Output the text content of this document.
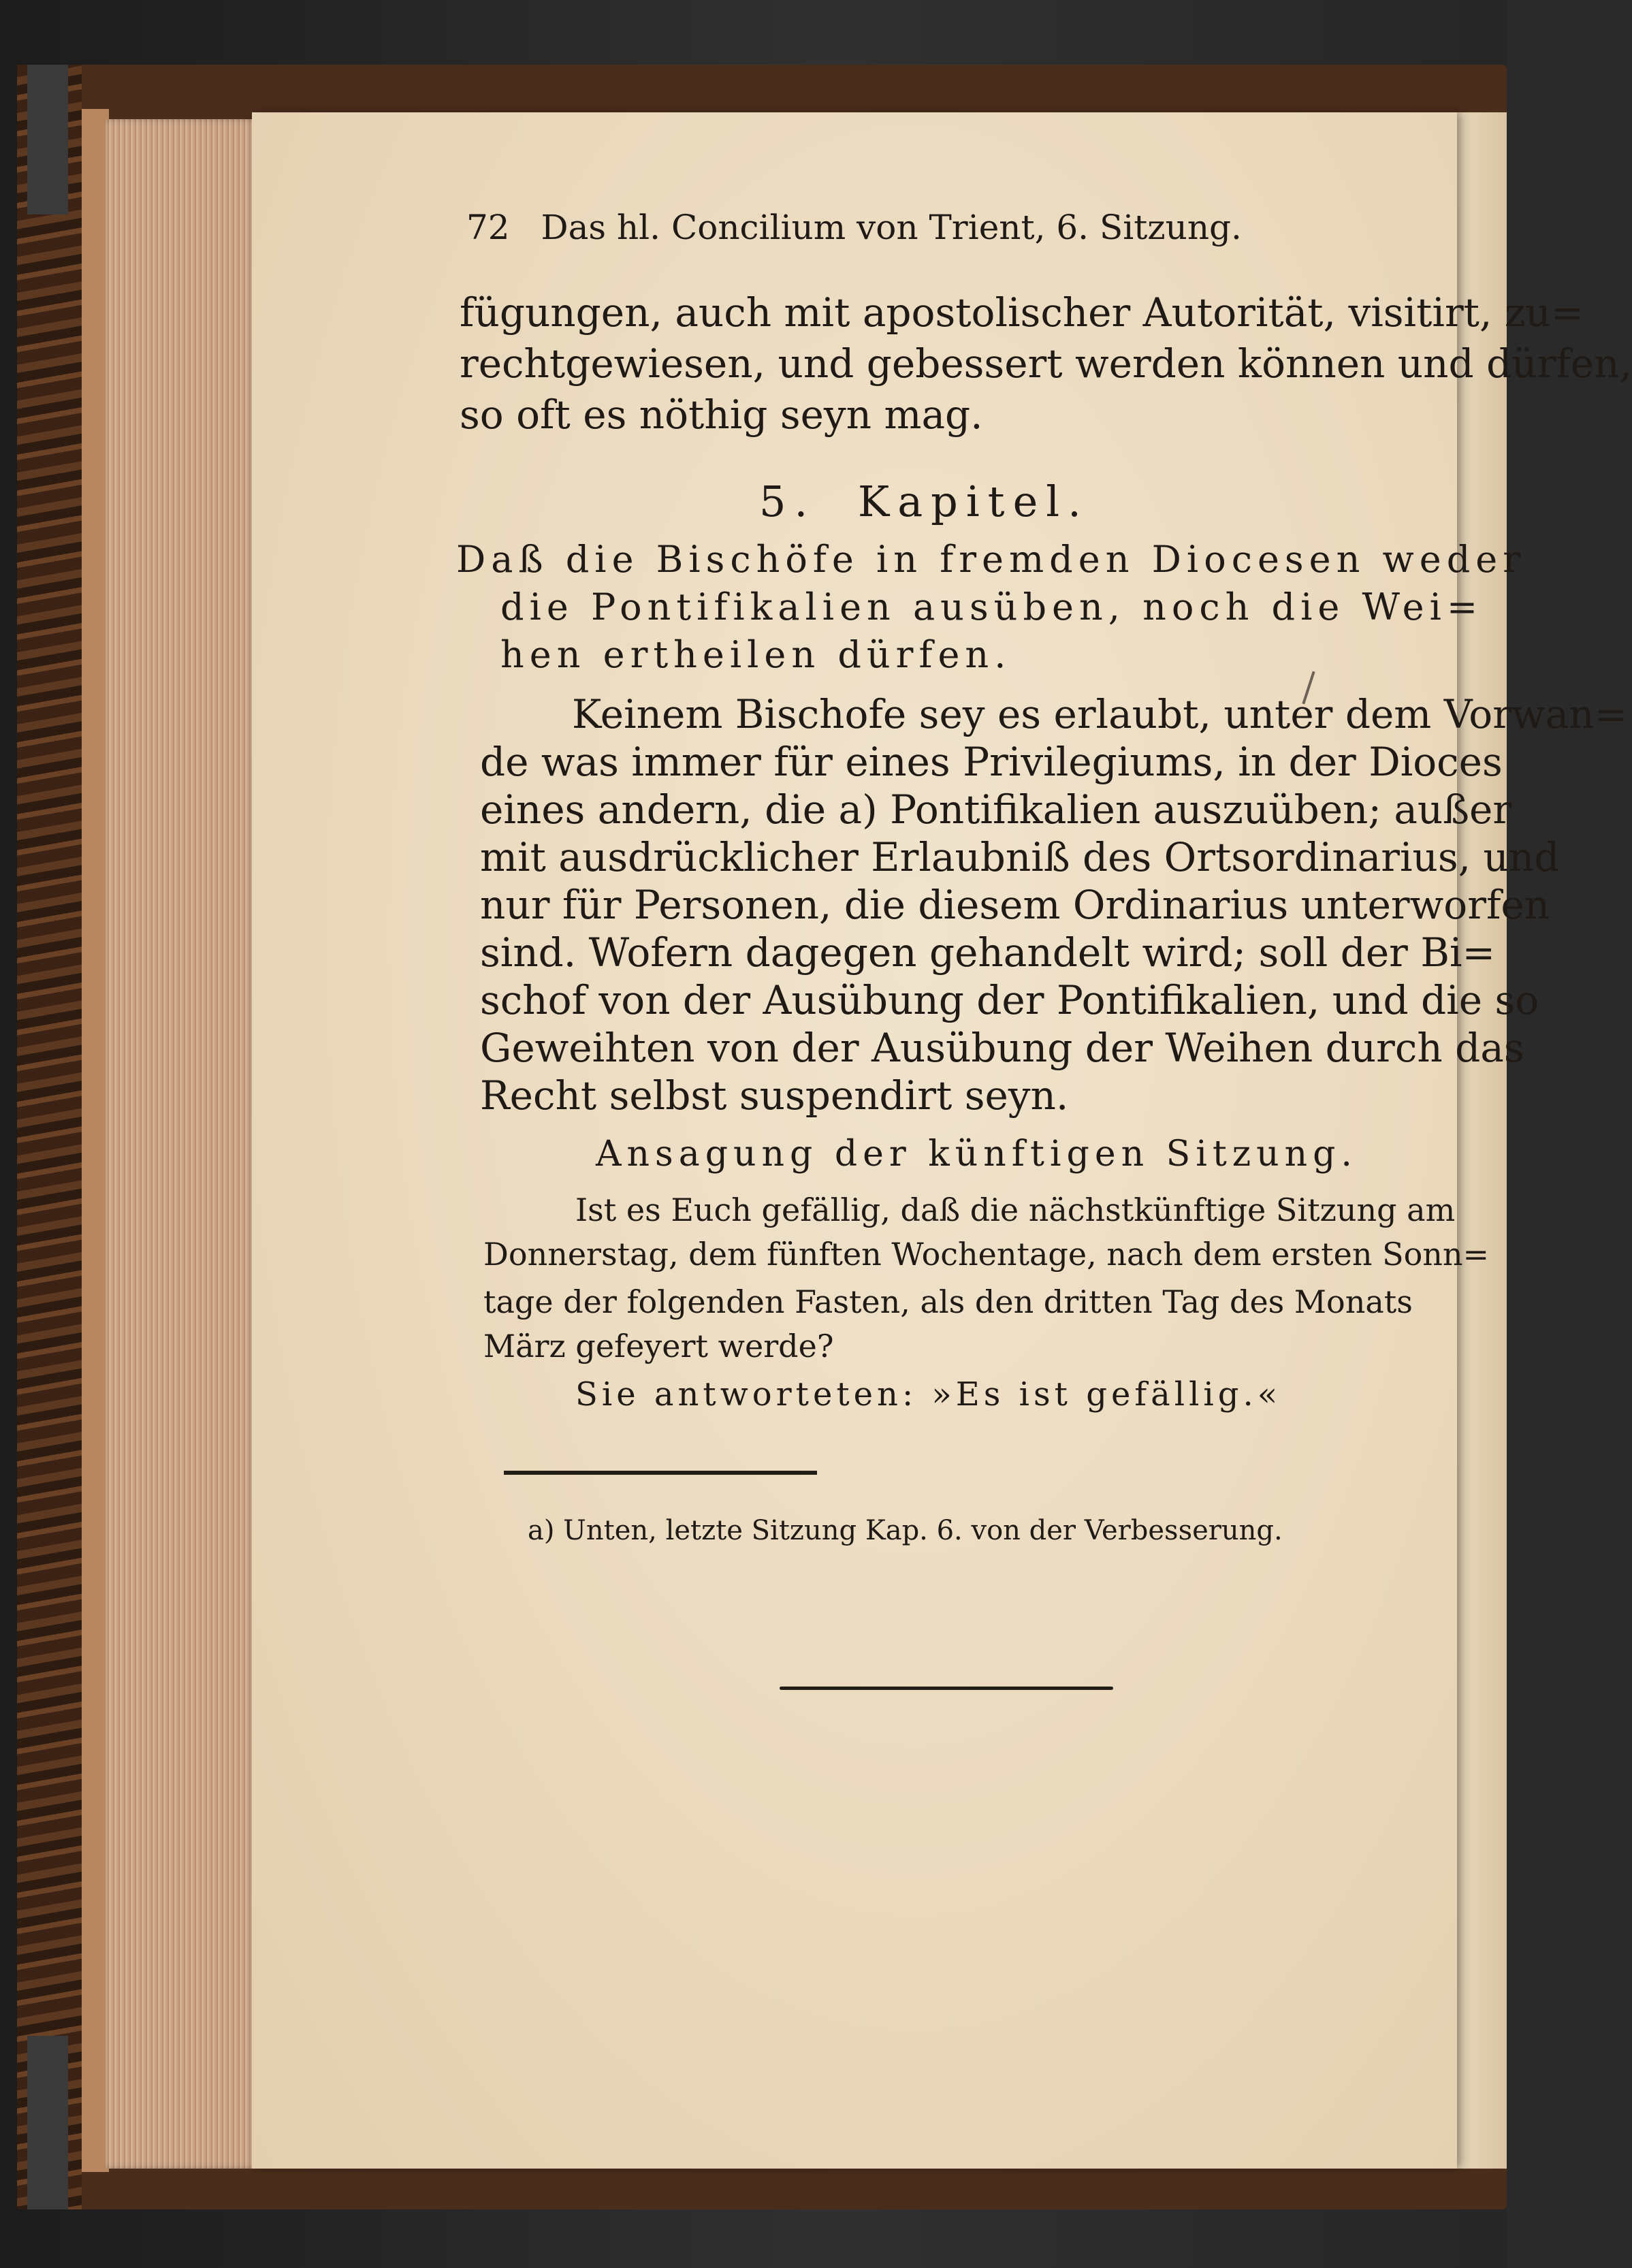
72 Das hl. Concilium von Trient, 6. Sitzung.
fügungen, auch mit apostolischer Autorität, visitirt, zu=
rechtgewiesen, und gebessert werden können und dürfen,
so oft es nöthig seyn mag.
5. Kapitel.
Daß die Bischöfe in fremden Diocesen weder
die Pontifikalien ausüben, noch die Wei=
hen ertheilen dürfen.
Keinem Bischofe sey es erlaubt, unter dem Vorwan=
de was immer für eines Privilegiums, in der Dioces
eines andern, die a) Pontifikalien auszuüben; außer
mit ausdrücklicher Erlaubniß des Ortsordinarius, und
nur für Personen, die diesem Ordinarius unterworfen
sind. Wofern dagegen gehandelt wird; soll der Bi=
schof von der Ausübung der Pontifikalien, und die so
Geweihten von der Ausübung der Weihen durch das
Recht selbst suspendirt seyn.
Ansagung der künftigen Sitzung.
Ist es Euch gefällig, daß die nächstkünftige Sitzung am
Donnerstag, dem fünften Wochentage, nach dem ersten Sonn=
tage der folgenden Fasten, als den dritten Tag des Monats
März gefeyert werde?
Sie antworteten: »Es ist gefällig.«
a) Unten, letzte Sitzung Kap. 6. von der Verbesserung.
